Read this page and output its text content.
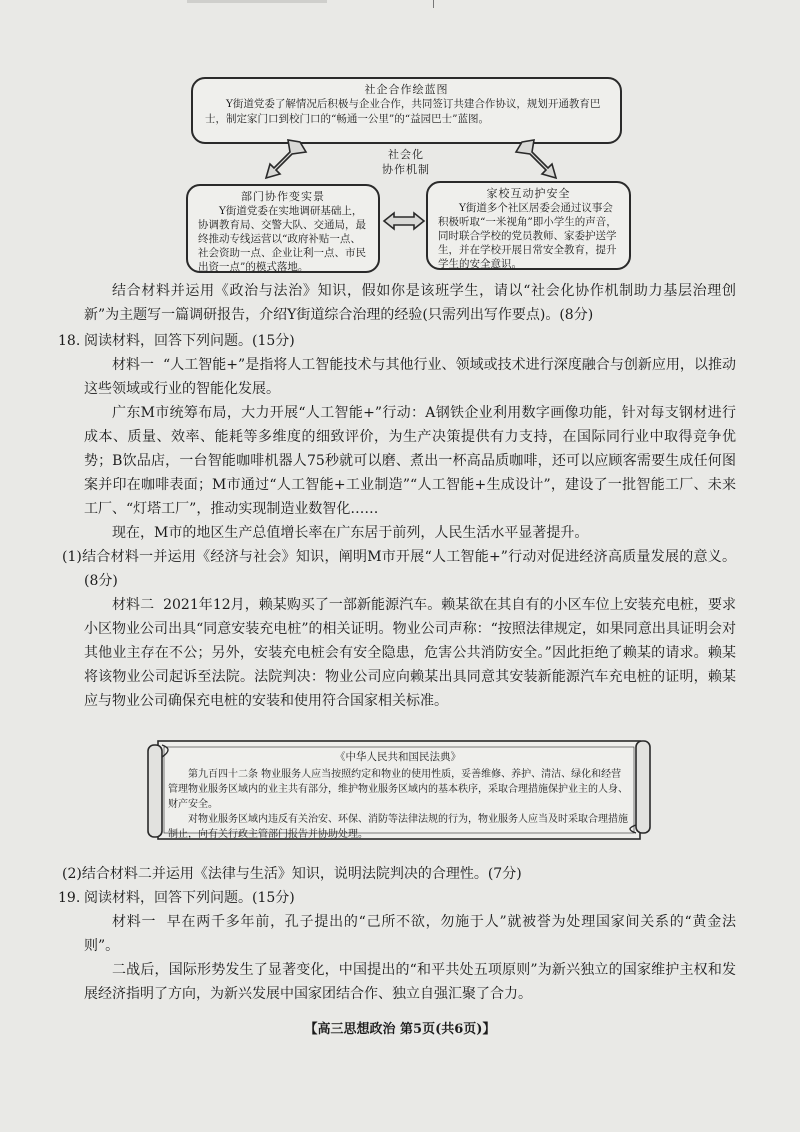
社企合作绘蓝图
Y街道党委了解情况后积极与企业合作，共同签订共建合作协议，规划开通教育巴士，制定家门口到校门口的“畅通一公里”的“益园巴士”蓝图。
社会化
协作机制
部门协作变实景
Y街道党委在实地调研基础上，协调教育局、交警大队、交通局，最终推动专线运营以“政府补贴一点、社会资助一点、企业让利一点、市民出资一点”的模式落地。
家校互动护安全
Y街道多个社区居委会通过议事会积极听取“一米视角”即小学生的声音，同时联合学校的党员教师、家委护送学生，并在学校开展日常安全教育，提升学生的安全意识。
结合材料并运用《政治与法治》知识，假如你是该班学生，请以“社会化协作机制助力基层治理创新”为主题写一篇调研报告，介绍Y街道综合治理的经验(只需列出写作要点)。(8分)
18. 阅读材料，回答下列问题。(15分)
材料一 “人工智能+”是指将人工智能技术与其他行业、领域或技术进行深度融合与创新应用，以推动这些领域或行业的智能化发展。
广东M市统筹布局，大力开展“人工智能+”行动：A钢铁企业利用数字画像功能，针对每支钢材进行成本、质量、效率、能耗等多维度的细致评价，为生产决策提供有力支持，在国际同行业中取得竞争优势；B饮品店，一台智能咖啡机器人75秒就可以磨、煮出一杯高品质咖啡，还可以应顾客需要生成任何图案并印在咖啡表面；M市通过“人工智能+工业制造”“人工智能+生成设计”，建设了一批智能工厂、未来工厂、“灯塔工厂”，推动实现制造业数智化……
现在，M市的地区生产总值增长率在广东居于前列，人民生活水平显著提升。
(1)结合材料一并运用《经济与社会》知识，阐明M市开展“人工智能+”行动对促进经济高质量发展的意义。(8分)
材料二 2021年12月，赖某购买了一部新能源汽车。赖某欲在其自有的小区车位上安装充电桩，要求小区物业公司出具“同意安装充电桩”的相关证明。物业公司声称：“按照法律规定，如果同意出具证明会对其他业主存在不公；另外，安装充电桩会有安全隐患，危害公共消防安全。”因此拒绝了赖某的请求。赖某将该物业公司起诉至法院。法院判决：物业公司应向赖某出具同意其安装新能源汽车充电桩的证明，赖某应与物业公司确保充电桩的安装和使用符合国家相关标准。
《中华人民共和国民法典》
第九百四十二条 物业服务人应当按照约定和物业的使用性质，妥善维修、养护、清洁、绿化和经营管理物业服务区域内的业主共有部分，维护物业服务区域内的基本秩序，采取合理措施保护业主的人身、财产安全。
对物业服务区域内违反有关治安、环保、消防等法律法规的行为，物业服务人应当及时采取合理措施制止，向有关行政主管部门报告并协助处理。
(2)结合材料二并运用《法律与生活》知识，说明法院判决的合理性。(7分)
19. 阅读材料，回答下列问题。(15分)
材料一 早在两千多年前，孔子提出的“己所不欲，勿施于人”就被誉为处理国家间关系的“黄金法则”。
二战后，国际形势发生了显著变化，中国提出的“和平共处五项原则”为新兴独立的国家维护主权和发展经济指明了方向，为新兴发展中国家团结合作、独立自强汇聚了合力。
【高三思想政治 第5页(共6页)】
